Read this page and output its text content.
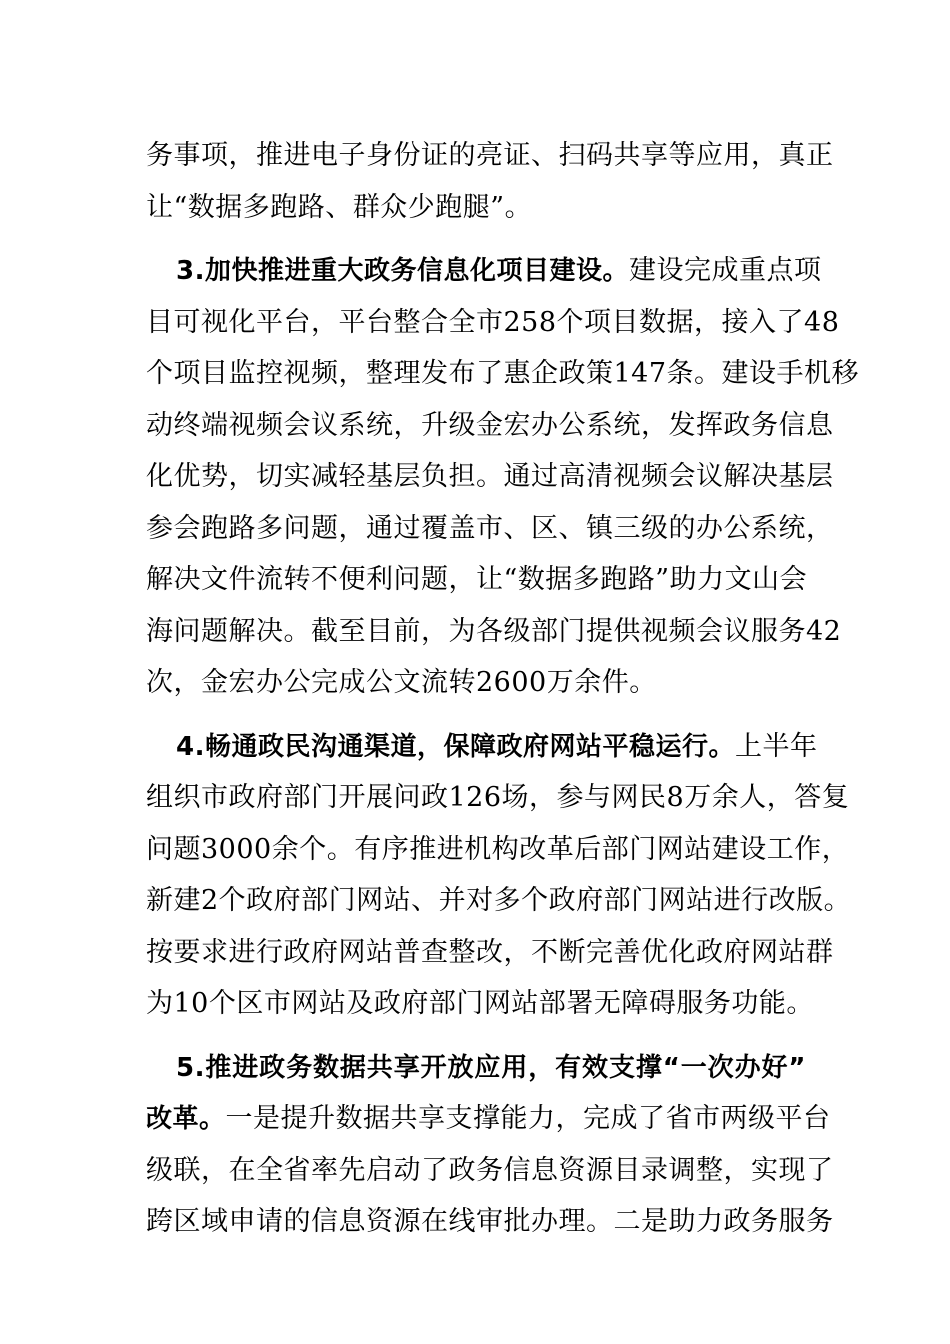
务事项，推进电子身份证的亮证、扫码共享等应用，真正
让“数据多跑路、群众少跑腿”。
3.加快推进重大政务信息化项目建设。建设完成重点项
目可视化平台，平台整合全市258个项目数据，接入了48
个项目监控视频，整理发布了惠企政策147条。建设手机移
动终端视频会议系统，升级金宏办公系统，发挥政务信息
化优势，切实减轻基层负担。通过高清视频会议解决基层
参会跑路多问题，通过覆盖市、区、镇三级的办公系统，
解决文件流转不便利问题，让“数据多跑路”助力文山会
海问题解决。截至目前，为各级部门提供视频会议服务42
次，金宏办公完成公文流转2600万余件。
4.畅通政民沟通渠道，保障政府网站平稳运行。上半年
组织市政府部门开展问政126场，参与网民8万余人，答复
问题3000余个。有序推进机构改革后部门网站建设工作，
新建2个政府部门网站、并对多个政府部门网站进行改版。
按要求进行政府网站普查整改，不断完善优化政府网站群
为10个区市网站及政府部门网站部署无障碍服务功能。
5.推进政务数据共享开放应用，有效支撑“一次办好”
改革。一是提升数据共享支撑能力，完成了省市两级平台
级联，在全省率先启动了政务信息资源目录调整，实现了
跨区域申请的信息资源在线审批办理。二是助力政务服务
